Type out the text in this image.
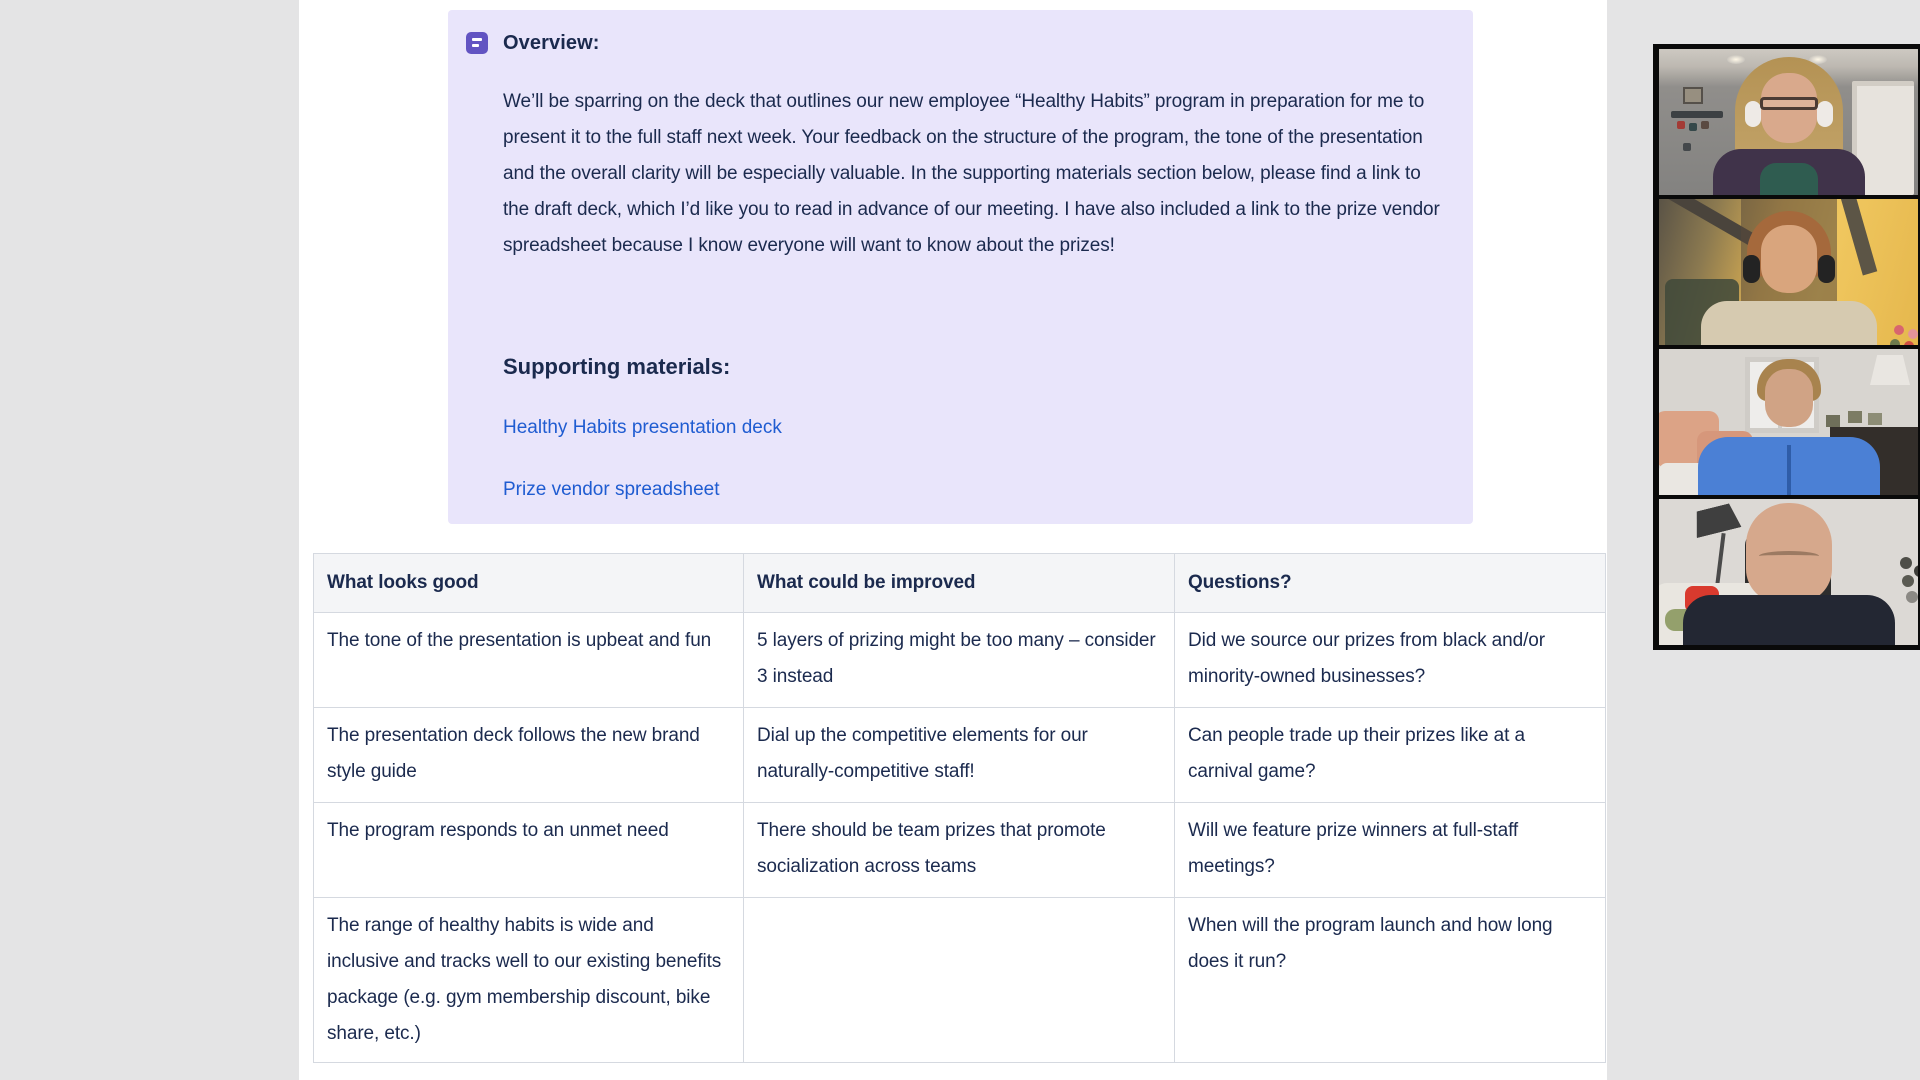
Overview:
We’ll be sparring on the deck that outlines our new employee “Healthy Habits” program in preparation for me to present it to the full staff next week. Your feedback on the structure of the program, the tone of the presentation and the overall clarity will be especially valuable. In the supporting materials section below, please find a link to the draft deck, which I’d like you to read in advance of our meeting. I have also included a link to the prize vendor spreadsheet because I know everyone will want to know about the prizes!
Supporting materials:
Healthy Habits presentation deck
Prize vendor spreadsheet
What looks good	What could be improved	Questions?
The tone of the presentation is upbeat and fun	5 layers of prizing might be too many – consider 3 instead	Did we source our prizes from black and/or minority-owned businesses?
The presentation deck follows the new brand style guide	Dial up the competitive elements for our naturally-competitive staff!	Can people trade up their prizes like at a carnival game?
The program responds to an unmet need	There should be team prizes that promote socialization across teams	Will we feature prize winners at full-staff meetings?
The range of healthy habits is wide and inclusive and tracks well to our existing benefits package (e.g. gym membership discount, bike share, etc.)		When will the program launch and how long does it run?
